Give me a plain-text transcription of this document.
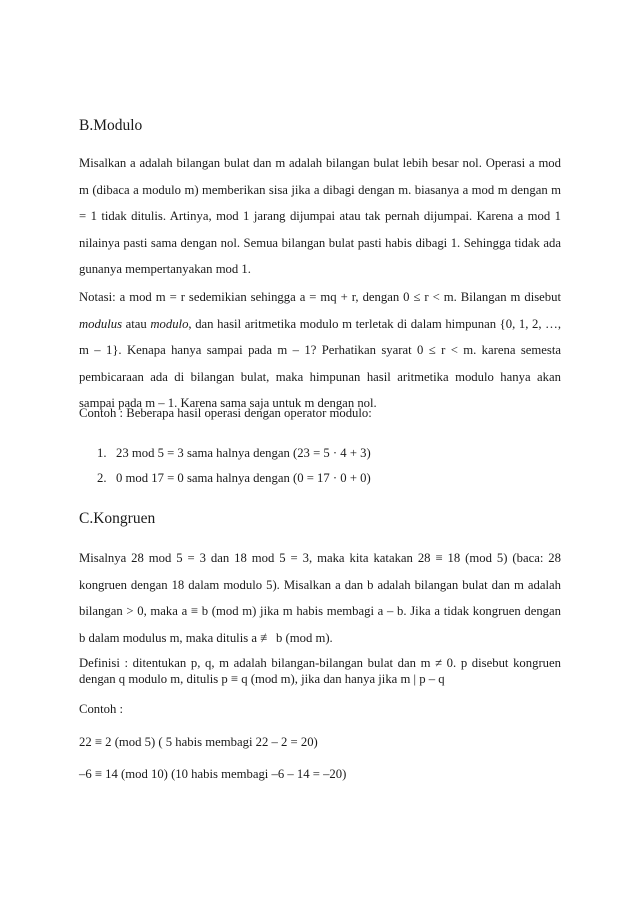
B.Modulo
Misalkan a adalah bilangan bulat dan m adalah bilangan bulat lebih besar nol. Operasi a mod
m (dibaca a modulo m) memberikan sisa jika a dibagi dengan m. biasanya a mod m dengan m
= 1 tidak ditulis. Artinya, mod 1 jarang dijumpai atau tak pernah dijumpai. Karena a mod 1
nilainya pasti sama dengan nol. Semua bilangan bulat pasti habis dibagi 1. Sehingga tidak ada
gunanya mempertanyakan mod 1.
Notasi: a mod m = r sedemikian sehingga a = mq + r, dengan 0 ≤ r < m. Bilangan m disebut
modulus atau modulo, dan hasil aritmetika modulo m terletak di dalam himpunan {0, 1, 2, …,
m – 1}. Kenapa hanya sampai pada m – 1? Perhatikan syarat 0 ≤ r < m. karena semesta
pembicaraan ada di bilangan bulat, maka himpunan hasil aritmetika modulo hanya akan
sampai pada m – 1. Karena sama saja untuk m dengan nol.

Contoh : Beberapa hasil operasi dengan operator modulo:

1. 23 mod 5 = 3 sama halnya dengan (23 = 5 · 4 + 3)

2. 0 mod 17 = 0 sama halnya dengan (0 = 17 · 0 + 0)

C.Kongruen
Misalnya 28 mod 5 = 3 dan 18 mod 5 = 3, maka kita katakan 28 ≡ 18 (mod 5) (baca: 28
kongruen dengan 18 dalam modulo 5). Misalkan a dan b adalah bilangan bulat dan m adalah
bilangan > 0, maka a ≡ b (mod m) jika m habis membagi a – b. Jika a tidak kongruen dengan
b dalam modulus m, maka ditulis a ≢ b (mod m).
Definisi : ditentukan p, q, m adalah bilangan-bilangan bulat dan m ≠ 0. p disebut kongruen
dengan q modulo m, ditulis p ≡ q (mod m), jika dan hanya jika m | p – q

Contoh :

22 ≡ 2 (mod 5) ( 5 habis membagi 22 – 2 = 20)

–6 ≡ 14 (mod 10) (10 habis membagi –6 – 14 = –20)
